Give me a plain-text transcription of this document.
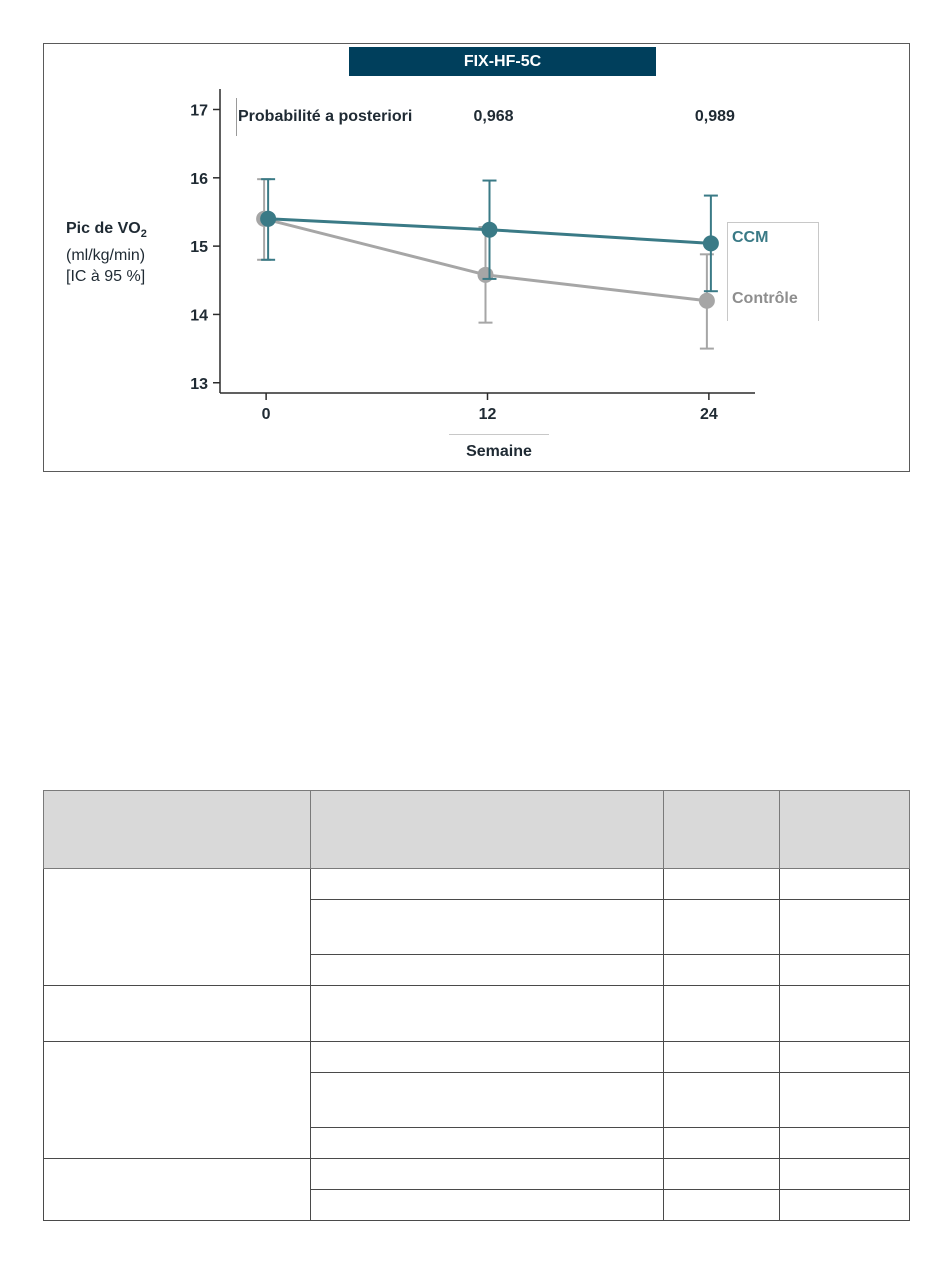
13
14
15
16
17
0	12	24
FIX-HF-5C
Probabilité a posteriori	0,968	0,989
Pic de $VO_2$
(ml/kg/min)
[IC à 95 %]
Semaine
CCM
Contrôle
